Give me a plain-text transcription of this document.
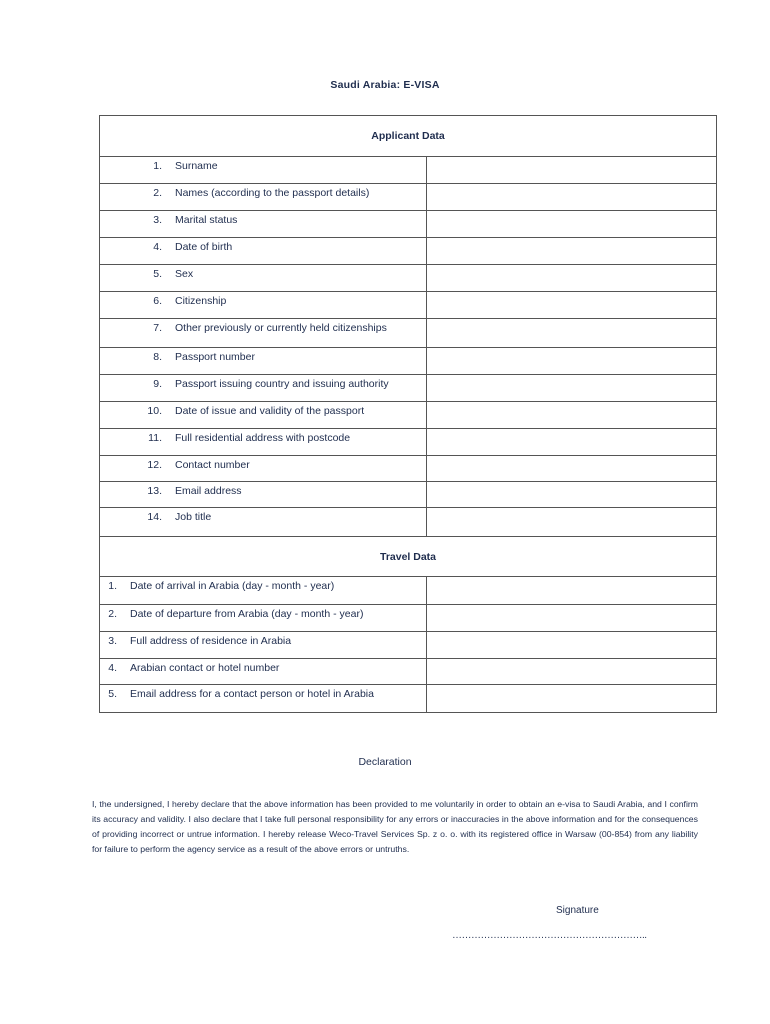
Saudi Arabia: E-VISA
Applicant Data	

1. Surname	

2. Names (according to the passport details)	

3. Marital status	

4. Date of birth	

5. Sex	

6. Citizenship	

7. Other previously or currently held citizenships	

8. Passport number	

9. Passport issuing country and issuing authority	

10. Date of issue and validity of the passport	

11. Full residential address with postcode	

12. Contact number	

13. Email address	

14. Job title	

Travel Data	

1. Date of arrival in Arabia (day - month - year)	

2. Date of departure from Arabia (day - month - year)	

3. Full address of residence in Arabia	

4. Arabian contact or hotel number	

5. Email address for a contact person or hotel in Arabia	

Declaration
I, the undersigned, I hereby declare that the above information has been provided to me voluntarily in order to obtain an e-visa to Saudi Arabia, and I confirm its accuracy and validity. I also declare that I take full personal responsibility for any errors or inaccuracies in the above information and for the consequences of providing incorrect or untrue information. I hereby release Weco-Travel Services Sp. z o. o. with its registered office in Warsaw (00-854) from any liability for failure to perform the agency service as a result of the above errors or untruths.
Signature
……………………………………………………..
